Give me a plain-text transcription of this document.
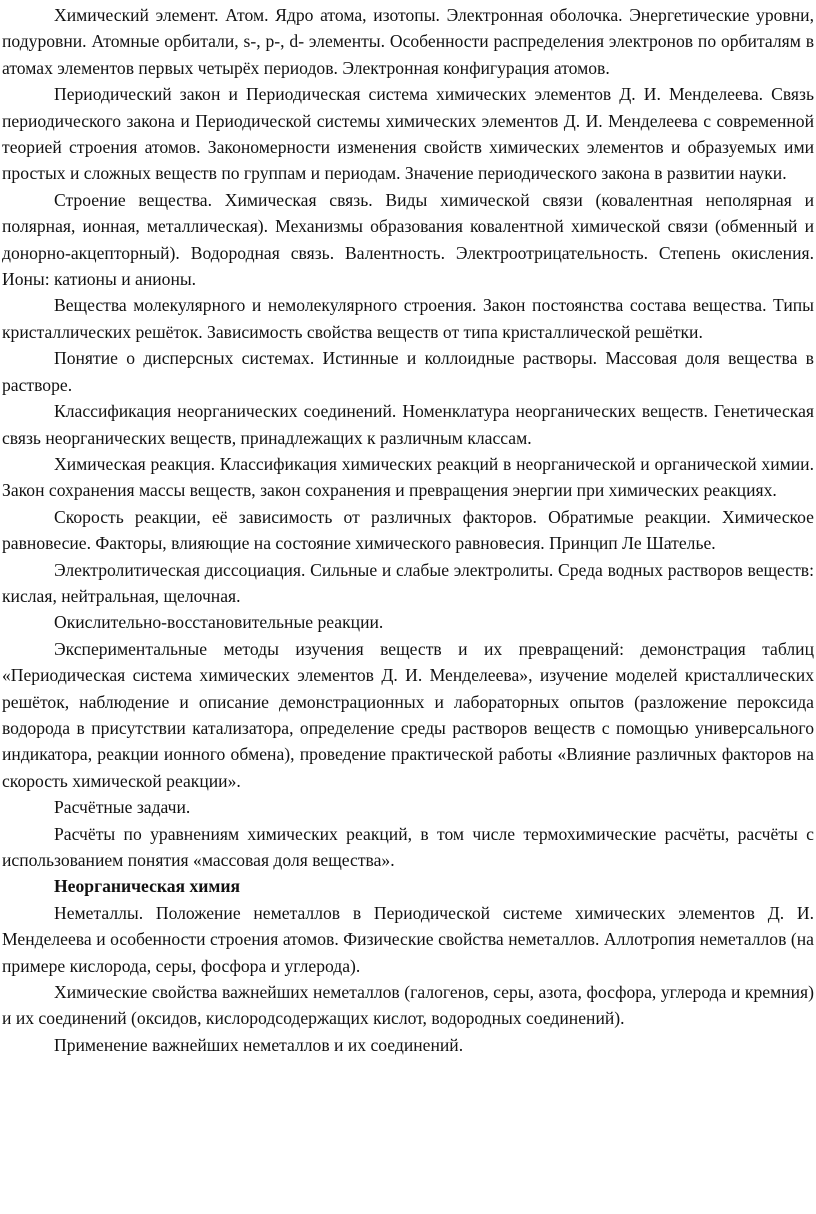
Химический элемент. Атом. Ядро атома, изотопы. Электронная оболочка. Энергетические уровни, подуровни. Атомные орбитали, s-, p-, d- элементы. Особенности распределения электронов по орбиталям в атомах элементов первых четырёх периодов. Электронная конфигурация атомов.

Периодический закон и Периодическая система химических элементов Д. И. Менделеева. Связь периодического закона и Периодической системы химических элементов Д. И. Менделеева с современной теорией строения атомов. Закономерности изменения свойств химических элементов и образуемых ими простых и сложных веществ по группам и периодам. Значение периодического закона в развитии науки.

Строение вещества. Химическая связь. Виды химической связи (ковалентная неполярная и полярная, ионная, металлическая). Механизмы образования ковалентной химической связи (обменный и донорно-акцепторный). Водородная связь. Валентность. Электроотрицательность. Степень окисления. Ионы: катионы и анионы.

Вещества молекулярного и немолекулярного строения. Закон постоянства состава вещества. Типы кристаллических решёток. Зависимость свойства веществ от типа кристаллической решётки.

Понятие о дисперсных системах. Истинные и коллоидные растворы. Массовая доля вещества в растворе.

Классификация неорганических соединений. Номенклатура неорганических веществ. Генетическая связь неорганических веществ, принадлежащих к различным классам.

Химическая реакция. Классификация химических реакций в неорганической и органической химии. Закон сохранения массы веществ, закон сохранения и превращения энергии при химических реакциях.

Скорость реакции, её зависимость от различных факторов. Обратимые реакции. Химическое равновесие. Факторы, влияющие на состояние химического равновесия. Принцип Ле Шателье.

Электролитическая диссоциация. Сильные и слабые электролиты. Среда водных растворов веществ: кислая, нейтральная, щелочная.

Окислительно-восстановительные реакции.

Экспериментальные методы изучения веществ и их превращений: демонстрация таблиц «Периодическая система химических элементов Д. И. Менделеева», изучение моделей кристаллических решёток, наблюдение и описание демонстрационных и лабораторных опытов (разложение пероксида водорода в присутствии катализатора, определение среды растворов веществ с помощью универсального индикатора, реакции ионного обмена), проведение практической работы «Влияние различных факторов на скорость химической реакции».

Расчётные задачи.

Расчёты по уравнениям химических реакций, в том числе термохимические расчёты, расчёты с использованием понятия «массовая доля вещества».

Неорганическая химия

Неметаллы. Положение неметаллов в Периодической системе химических элементов Д. И. Менделеева и особенности строения атомов. Физические свойства неметаллов. Аллотропия неметаллов (на примере кислорода, серы, фосфора и углерода).

Химические свойства важнейших неметаллов (галогенов, серы, азота, фосфора, углерода и кремния) и их соединений (оксидов, кислородсодержащих кислот, водородных соединений).

Применение важнейших неметаллов и их соединений.
